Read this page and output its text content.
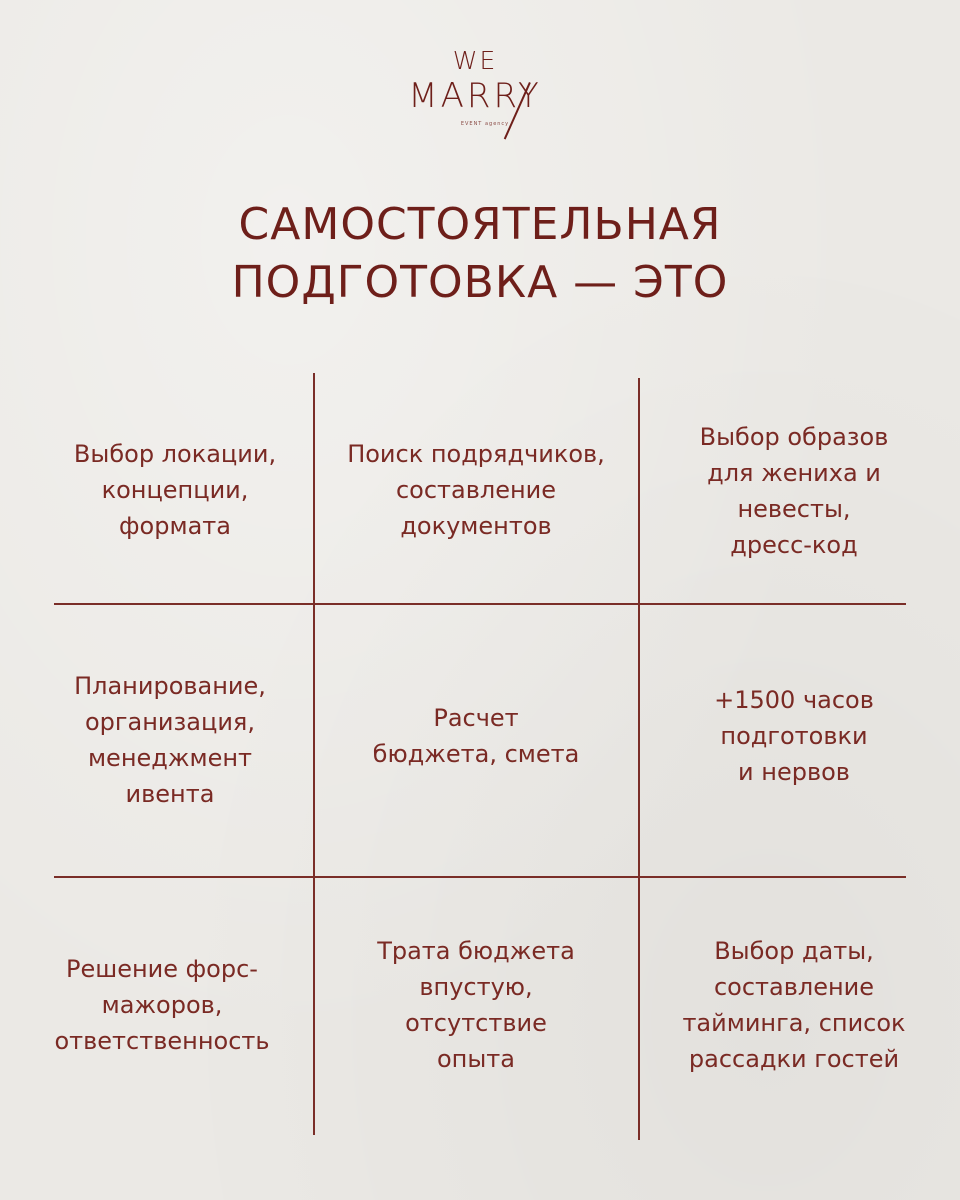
WE
MARRY
EVENT agency
САМОСТОЯТЕЛЬНАЯ
ПОДГОТОВКА — ЭТО
Выбор локации,
концепции,
формата
Поиск подрядчиков,
составление
документов
Выбор образов
для жениха и
невесты,
дресс-код
Планирование,
организация,
менеджмент
ивента
Расчет
бюджета, смета
+1500 часов
подготовки
и нервов
Решение форс-
мажоров,
ответственность
Трата бюджета
впустую,
отсутствие
опыта
Выбор даты,
составление
тайминга, список
рассадки гостей
